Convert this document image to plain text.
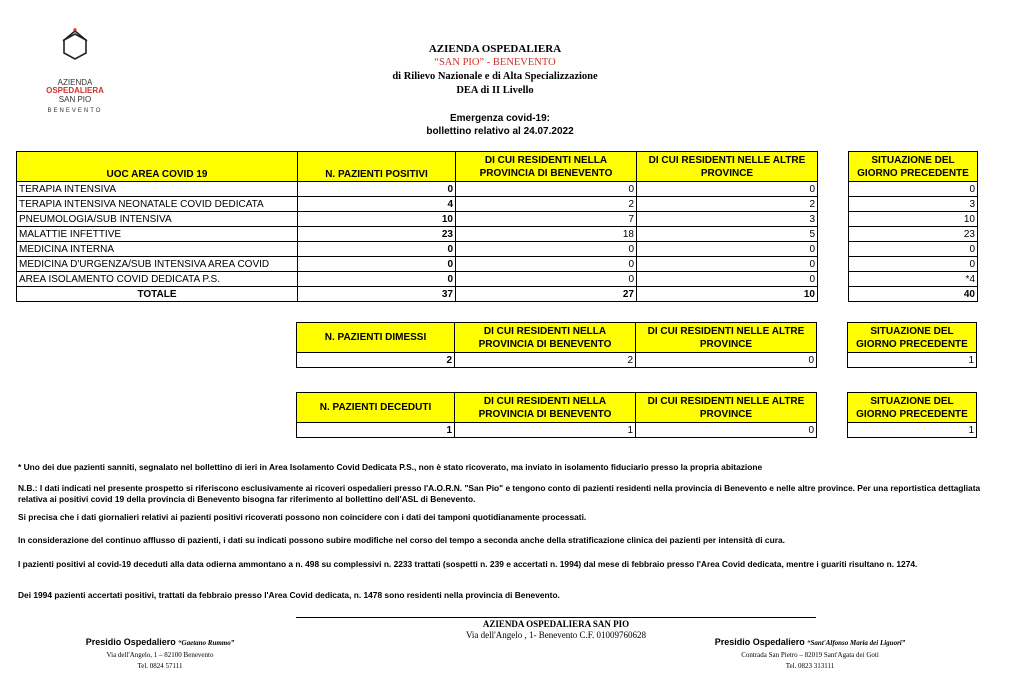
AZIENDA
OSPEDALIERA
SAN PIO
BENEVENTO
AZIENDA OSPEDALIERA
“SAN PIO” - BENEVENTO
di Rilievo Nazionale e di Alta Specializzazione
DEA di II Livello
Emergenza covid-19:
bollettino relativo al 24.07.2022
UOC AREA COVID 19	N. PAZIENTI POSITIVI	DI CUI RESIDENTI NELLA PROVINCIA DI BENEVENTO	DI CUI RESIDENTI NELLE ALTRE PROVINCE		SITUAZIONE DEL GIORNO PRECEDENTE
TERAPIA INTENSIVA	0	0	0		0
TERAPIA INTENSIVA NEONATALE COVID DEDICATA	4	2	2		3
PNEUMOLOGIA/SUB INTENSIVA	10	7	3		10
MALATTIE INFETTIVE	23	18	5		23
MEDICINA INTERNA	0	0	0		0
MEDICINA D'URGENZA/SUB INTENSIVA AREA COVID	0	0	0		0
AREA ISOLAMENTO COVID DEDICATA P.S.	0	0	0		*4
TOTALE	37	27	10		40
N. PAZIENTI DIMESSI	DI CUI RESIDENTI NELLA PROVINCIA DI BENEVENTO	DI CUI RESIDENTI NELLE ALTRE PROVINCE		SITUAZIONE DEL GIORNO PRECEDENTE
2	2	0		1
N. PAZIENTI DECEDUTI	DI CUI RESIDENTI NELLA PROVINCIA DI BENEVENTO	DI CUI RESIDENTI NELLE ALTRE PROVINCE		SITUAZIONE DEL GIORNO PRECEDENTE
1	1	0		1
* Uno dei due pazienti sanniti, segnalato nel bollettino di ieri in Area Isolamento Covid Dedicata P.S., non è stato ricoverato, ma inviato in isolamento fiduciario presso la propria abitazione
N.B.: I dati indicati nel presente prospetto si riferiscono esclusivamente ai ricoveri ospedalieri presso l'A.O.R.N. "San Pio" e tengono conto di pazienti residenti nella provincia di Benevento e nelle altre province. Per una reportistica dettagliata relativa ai positivi covid 19 della provincia di Benevento bisogna far riferimento al bollettino dell'ASL di Benevento.
Si precisa che i dati giornalieri relativi ai pazienti positivi ricoverati possono non coincidere con i dati dei tamponi quotidianamente processati.
In considerazione del continuo afflusso di pazienti, i dati su indicati possono subire modifiche nel corso del tempo a seconda anche della stratificazione clinica dei pazienti per intensità di cura.
I pazienti positivi al covid-19 deceduti alla data odierna ammontano a n. 498 su complessivi n. 2233 trattati (sospetti n. 239 e accertati n. 1994) dal mese di febbraio presso l'Area Covid dedicata, mentre i guariti risultano n. 1274.
Dei 1994 pazienti accertati positivi, trattati da febbraio presso l'Area Covid dedicata, n. 1478 sono residenti nella provincia di Benevento.
AZIENDA OSPEDALIERA SAN PIO
Via dell'Angelo , 1- Benevento C.F. 01009760628
Presidio Ospedaliero “Gaetano Rummo”
Via dell'Angelo, 1 – 82100 Benevento
Tel. 0824 57111
Presidio Ospedaliero “Sant'Alfonso Maria dei Liguori”
Contrada San Pietro – 82019 Sant'Agata dei Goti
Tel. 0823 313111
